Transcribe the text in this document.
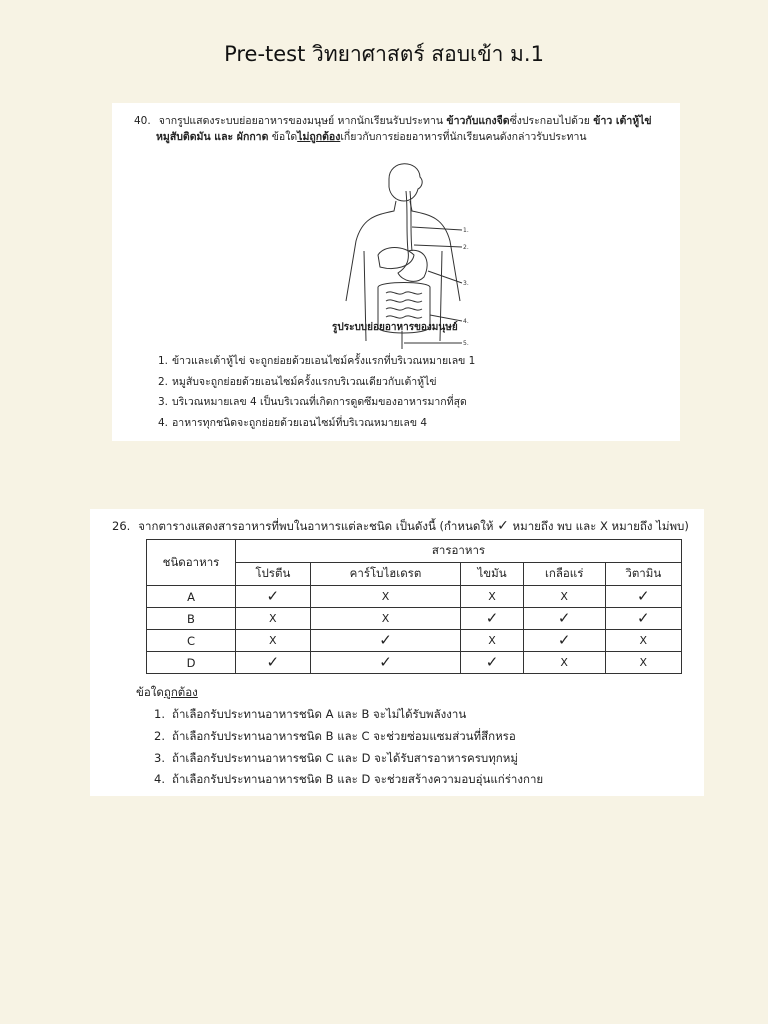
Pre-test วิทยาศาสตร์ สอบเข้า ม.1
40. จากรูปแสดงระบบย่อยอาหารของมนุษย์ หากนักเรียนรับประทาน ข้าวกับแกงจืดซึ่งประกอบไปด้วย ข้าว เต้าหู้ไข่
หมูสับติดมัน และ ผักกาด ข้อใดไม่ถูกต้องเกี่ยวกับการย่อยอาหารที่นักเรียนคนดังกล่าวรับประทาน
1.
2.
3.
4.
5.
รูประบบย่อยอาหารของมนุษย์
1. ข้าวและเต้าหู้ไข่ จะถูกย่อยด้วยเอนไซม์ครั้งแรกที่บริเวณหมายเลข 1
2. หมูสับจะถูกย่อยด้วยเอนไซม์ครั้งแรกบริเวณเดียวกับเต้าหู้ไข่
3. บริเวณหมายเลข 4 เป็นบริเวณที่เกิดการดูดซึมของอาหารมากที่สุด
4. อาหารทุกชนิดจะถูกย่อยด้วยเอนไซม์ที่บริเวณหมายเลข 4
26. จากตารางแสดงสารอาหารที่พบในอาหารแต่ละชนิด เป็นดังนี้ (กำหนดให้ ✓ หมายถึง พบ และ X หมายถึง ไม่พบ)
ชนิดอาหาร	สารอาหาร				
	โปรตีน	คาร์โบไฮเดรต	ไขมัน	เกลือแร่	วิตามิน
A	✓	X	X	X	✓
B	X	X	✓	✓	✓
C	X	✓	X	✓	X
D	✓	✓	✓	X	X
ข้อใดถูกต้อง
1. ถ้าเลือกรับประทานอาหารชนิด A และ B จะไม่ได้รับพลังงาน
2. ถ้าเลือกรับประทานอาหารชนิด B และ C จะช่วยซ่อมแซมส่วนที่สึกหรอ
3. ถ้าเลือกรับประทานอาหารชนิด C และ D จะได้รับสารอาหารครบทุกหมู่
4. ถ้าเลือกรับประทานอาหารชนิด B และ D จะช่วยสร้างความอบอุ่นแก่ร่างกาย
